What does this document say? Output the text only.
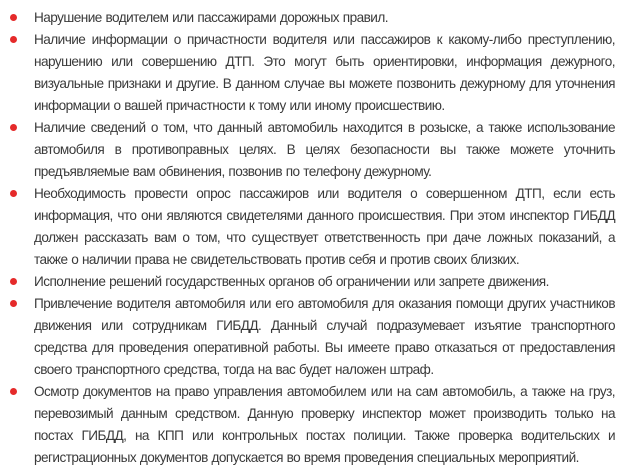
Нарушение водителем или пассажирами дорожных правил.
Наличие информации о причастности водителя или пассажиров к какому-либо преступлению, нарушению или совершению ДТП. Это могут быть ориентировки, информация дежурного, визуальные признаки и другие. В данном случае вы можете позвонить дежурному для уточнения информации о вашей причастности к тому или иному происшествию.
Наличие сведений о том, что данный автомобиль находится в розыске, а также использование автомобиля в противоправных целях. В целях безопасности вы также можете уточнить предъявляемые вам обвинения, позвонив по телефону дежурному.
Необходимость провести опрос пассажиров или водителя о совершенном ДТП, если есть информация, что они являются свидетелями данного происшествия. При этом инспектор ГИБДД должен рассказать вам о том, что существует ответственность при даче ложных показаний, а также о наличии права не свидетельствовать против себя и против своих близких.
Исполнение решений государственных органов об ограничении или запрете движения.
Привлечение водителя автомобиля или его автомобиля для оказания помощи других участников движения или сотрудникам ГИБДД. Данный случай подразумевает изъятие транспортного средства для проведения оперативной работы. Вы имеете право отказаться от предоставления своего транспортного средства, тогда на вас будет наложен штраф.
Осмотр документов на право управления автомобилем или на сам автомобиль, а также на груз, перевозимый данным средством. Данную проверку инспектор может производить только на постах ГИБДД, на КПП или контрольных постах полиции. Также проверка водительских и регистрационных документов допускается во время проведения специальных мероприятий.
